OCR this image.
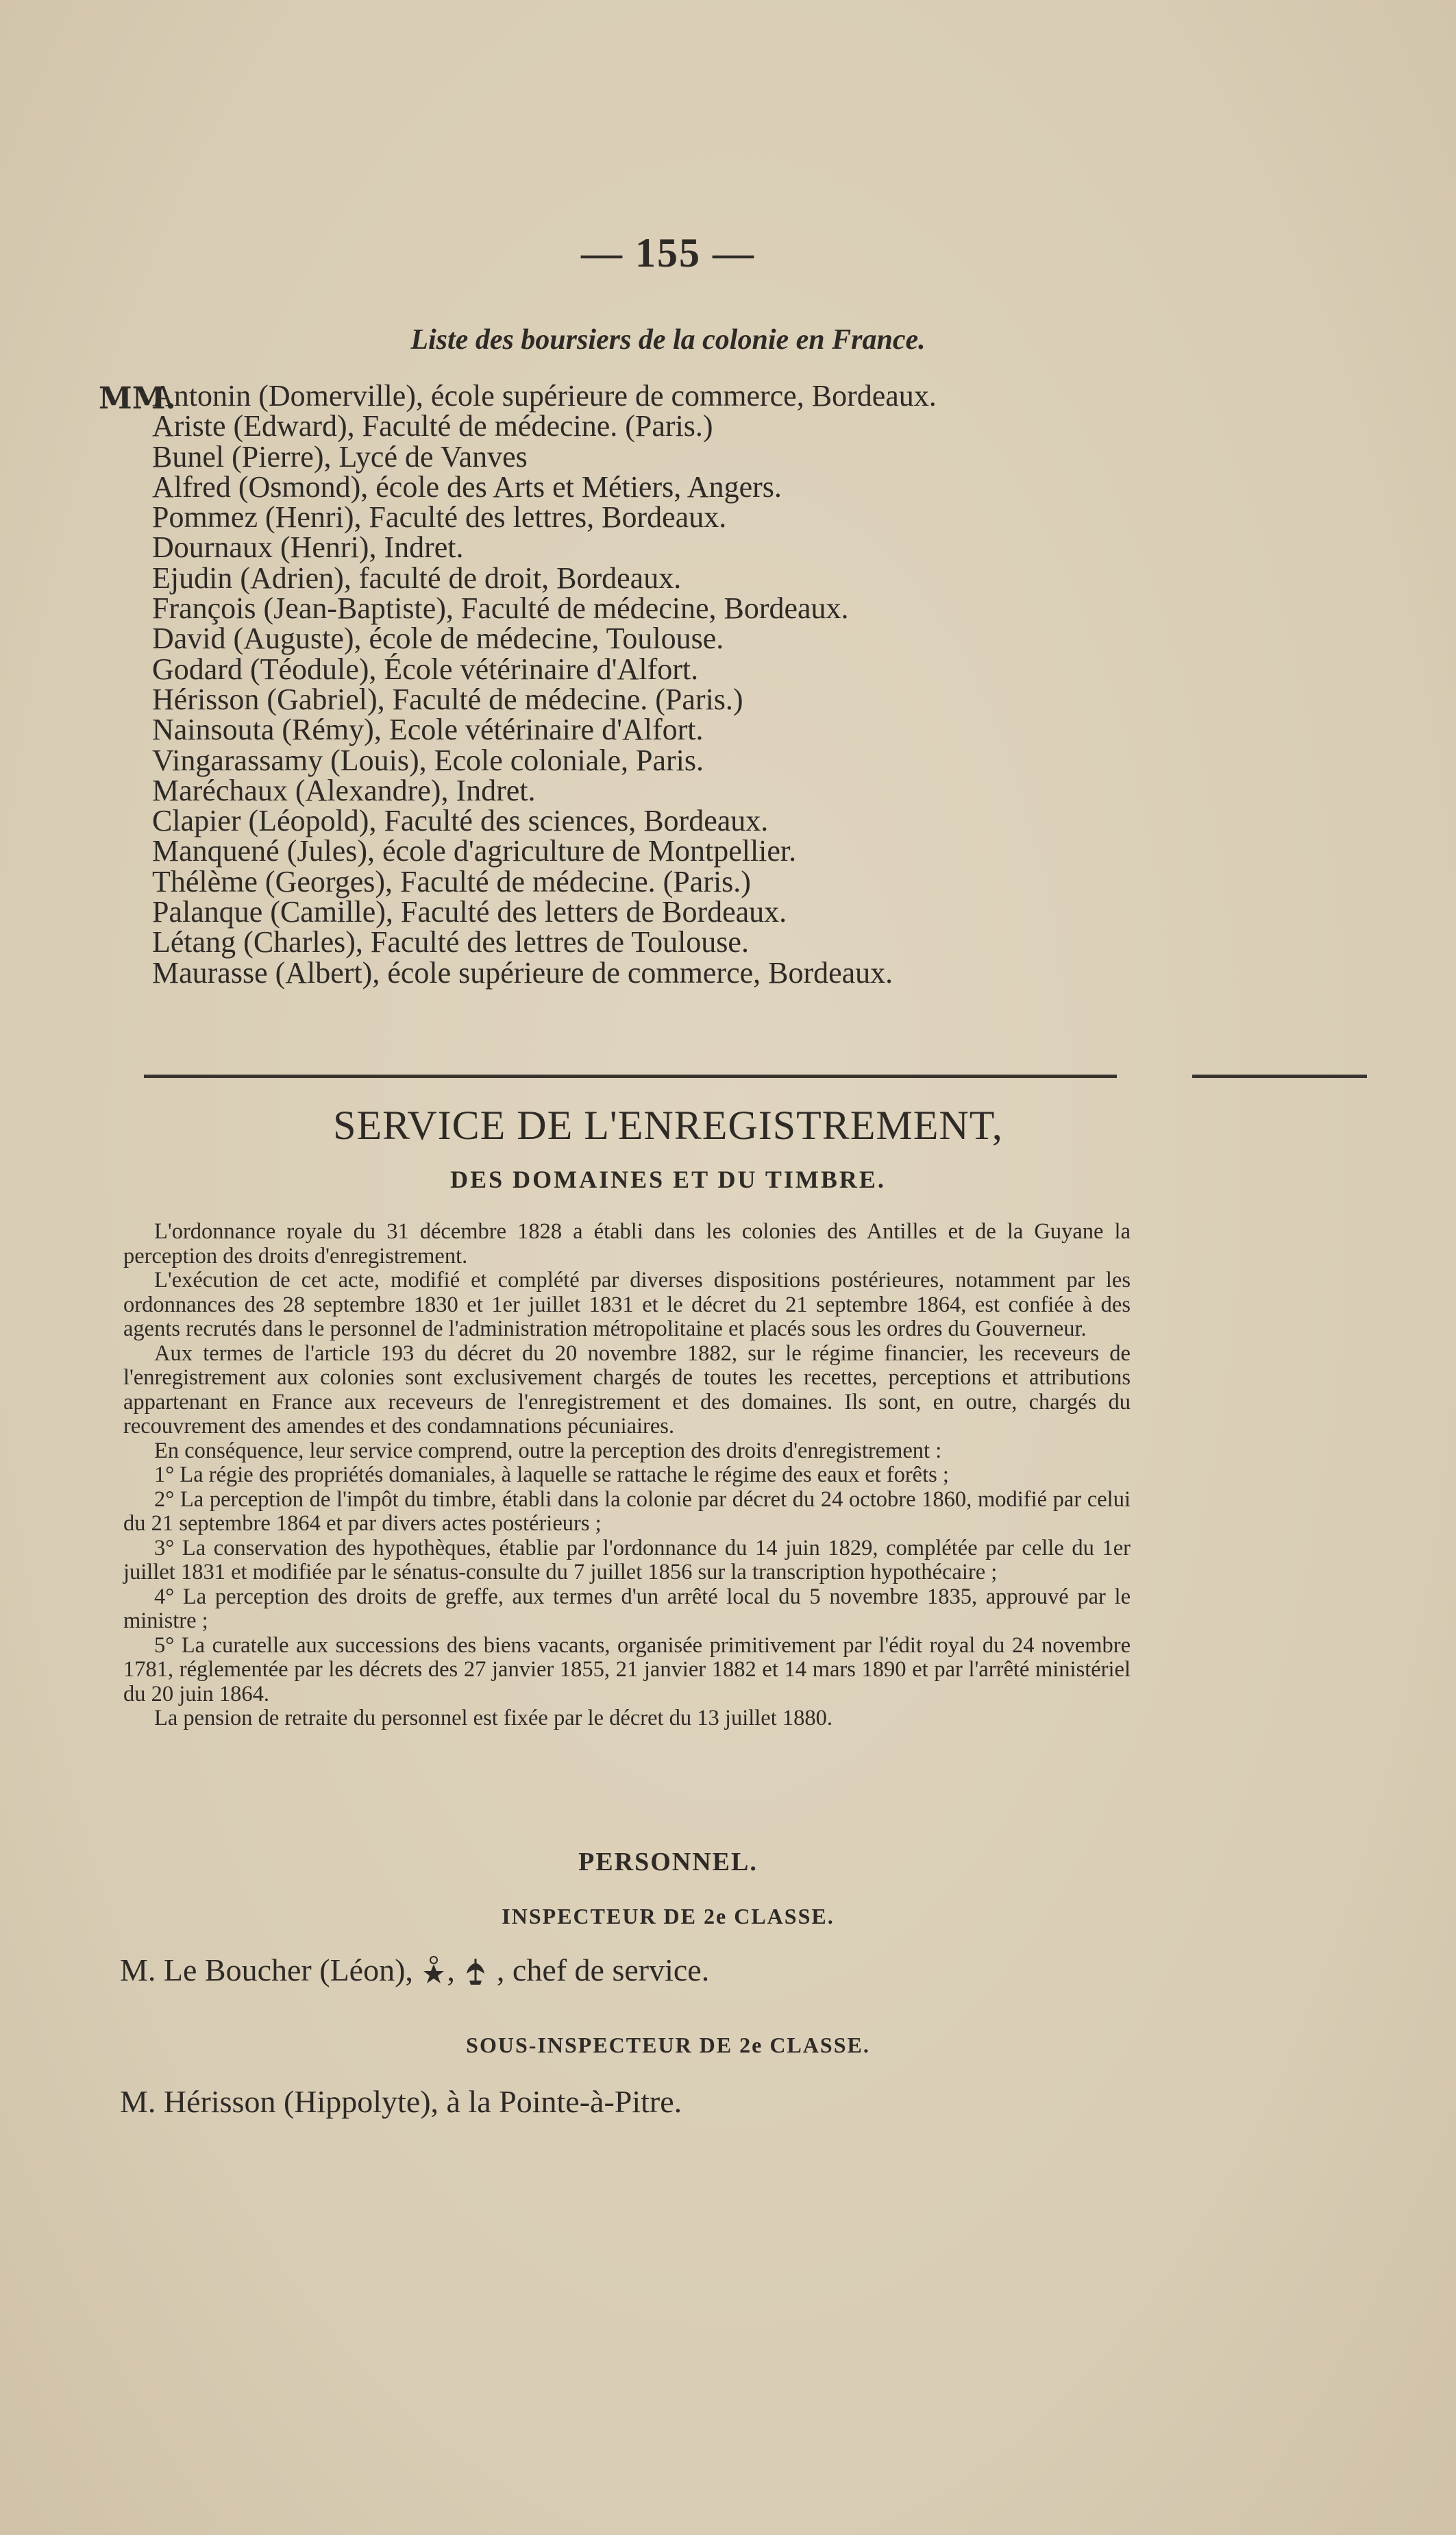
— 155 —
Liste des boursiers de la colonie en France.
MM.
Antonin (Domerville), école supérieure de commerce, Bordeaux.
Ariste (Edward), Faculté de médecine. (Paris.)
Bunel (Pierre), Lycé de Vanves
Alfred (Osmond), école des Arts et Métiers, Angers.
Pommez (Henri), Faculté des lettres, Bordeaux.
Dournaux (Henri), Indret.
Ejudin (Adrien), faculté de droit, Bordeaux.
François (Jean-Baptiste), Faculté de médecine, Bordeaux.
David (Auguste), école de médecine, Toulouse.
Godard (Téodule), École vétérinaire d'Alfort.
Hérisson (Gabriel), Faculté de médecine. (Paris.)
Nainsouta (Rémy), Ecole vétérinaire d'Alfort.
Vingarassamy (Louis), Ecole coloniale, Paris.
Maréchaux (Alexandre), Indret.
Clapier (Léopold), Faculté des sciences, Bordeaux.
Manquené (Jules), école d'agriculture de Montpellier.
Thélème (Georges), Faculté de médecine. (Paris.)
Palanque (Camille), Faculté des letters de Bordeaux.
Létang (Charles), Faculté des lettres de Toulouse.
Maurasse (Albert), école supérieure de commerce, Bordeaux.
SERVICE DE L'ENREGISTREMENT,
DES DOMAINES ET DU TIMBRE.

L'ordonnance royale du 31 décembre 1828 a établi dans les colonies des Antilles et de la Guyane la perception des droits d'enregistrement.

L'exécution de cet acte, modifié et complété par diverses dispositions postérieures, notamment par les ordonnances des 28 septembre 1830 et 1er juillet 1831 et le décret du 21 septembre 1864, est confiée à des agents recrutés dans le personnel de l'administration métropolitaine et placés sous les ordres du Gouverneur.

Aux termes de l'article 193 du décret du 20 novembre 1882, sur le régime financier, les receveurs de l'enregistrement aux colonies sont exclusivement chargés de toutes les recettes, perceptions et attributions appartenant en France aux receveurs de l'enregistrement et des domaines. Ils sont, en outre, chargés du recouvrement des amendes et des condamnations pécuniaires.

En conséquence, leur service comprend, outre la perception des droits d'enregistrement :

1° La régie des propriétés domaniales, à laquelle se rattache le régime des eaux et forêts ;

2° La perception de l'impôt du timbre, établi dans la colonie par décret du 24 octobre 1860, modifié par celui du 21 septembre 1864 et par divers actes postérieurs ;

3° La conservation des hypothèques, établie par l'ordonnance du 14 juin 1829, complétée par celle du 1er juillet 1831 et modifiée par le sénatus-consulte du 7 juillet 1856 sur la transcription hypothécaire ;

4° La perception des droits de greffe, aux termes d'un arrêté local du 5 novembre 1835, approuvé par le ministre ;

5° La curatelle aux successions des biens vacants, organisée primitivement par l'édit royal du 24 novembre 1781, réglementée par les décrets des 27 janvier 1855, 21 janvier 1882 et 14 mars 1890 et par l'arrêté ministériel du 20 juin 1864.

La pension de retraite du personnel est fixée par le décret du 13 juillet 1880.

PERSONNEL.
INSPECTEUR DE 2e CLASSE.
M. Le Boucher (Léon), , , chef de service.
SOUS-INSPECTEUR DE 2e CLASSE.
M. Hérisson (Hippolyte), à la Pointe-à-Pitre.
